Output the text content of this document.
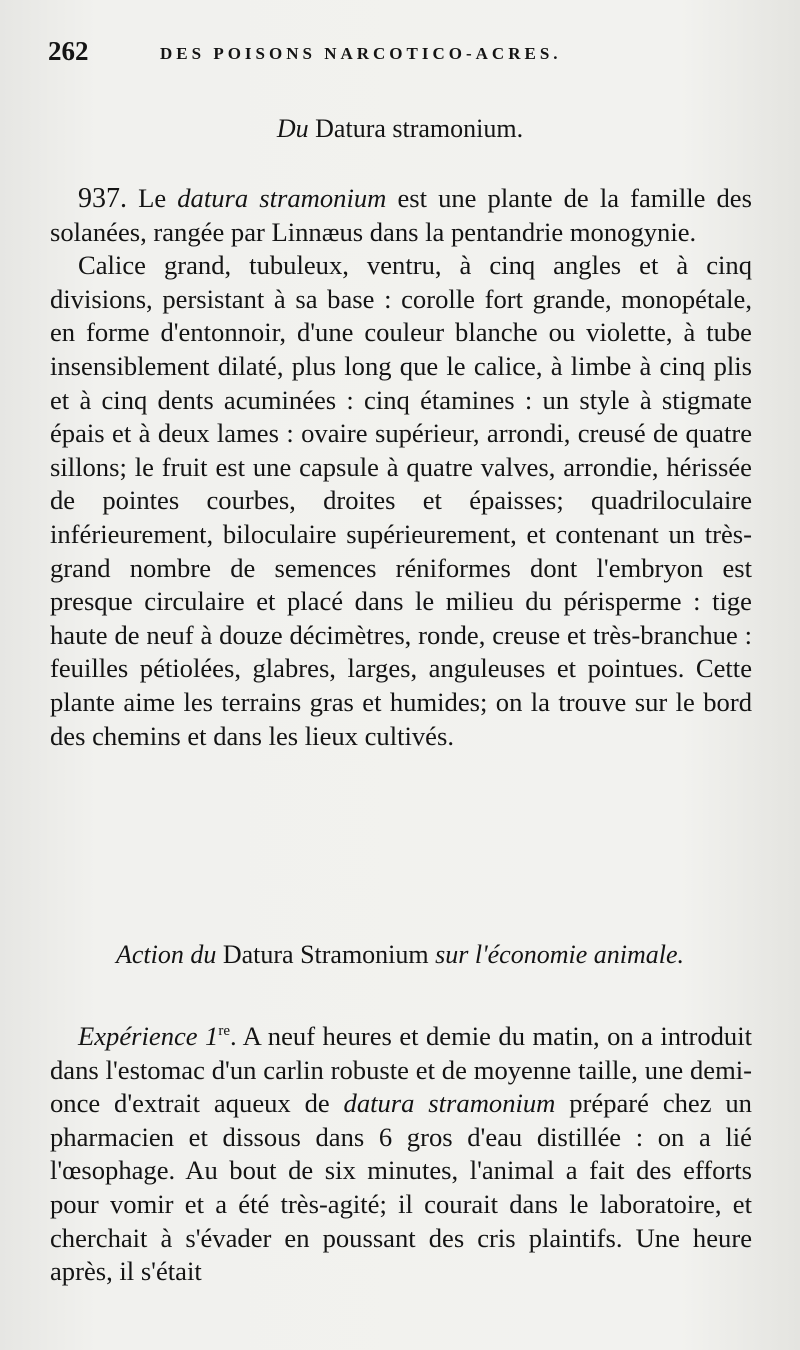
262	DES POISONS NARCOTICO-ACRES.
Du Datura stramonium.

937. Le datura stramonium est une plante de la famille des solanées, rangée par Linnæus dans la pentandrie monogynie.

Calice grand, tubuleux, ventru, à cinq angles et à cinq divisions, persistant à sa base : corolle fort grande, monopétale, en forme d'entonnoir, d'une couleur blanche ou violette, à tube insensiblement dilaté, plus long que le calice, à limbe à cinq plis et à cinq dents acuminées : cinq étamines : un style à stigmate épais et à deux lames : ovaire supérieur, arrondi, creusé de quatre sillons; le fruit est une capsule à quatre valves, arrondie, hérissée de pointes courbes, droites et épaisses; quadriloculaire inférieurement, biloculaire supérieurement, et contenant un très-grand nombre de semences réniformes dont l'embryon est presque circulaire et placé dans le milieu du périsperme : tige haute de neuf à douze décimètres, ronde, creuse et très-branchue : feuilles pétiolées, glabres, larges, anguleuses et pointues. Cette plante aime les terrains gras et humides; on la trouve sur le bord des chemins et dans les lieux cultivés.

Action du Datura Stramonium sur l'économie animale.

Expérience 1re. A neuf heures et demie du matin, on a introduit dans l'estomac d'un carlin robuste et de moyenne taille, une demi-once d'extrait aqueux de datura stramonium préparé chez un pharmacien et dissous dans 6 gros d'eau distillée : on a lié l'œsophage. Au bout de six minutes, l'animal a fait des efforts pour vomir et a été très-agité; il courait dans le laboratoire, et cherchait à s'évader en poussant des cris plaintifs. Une heure après, il s'était
